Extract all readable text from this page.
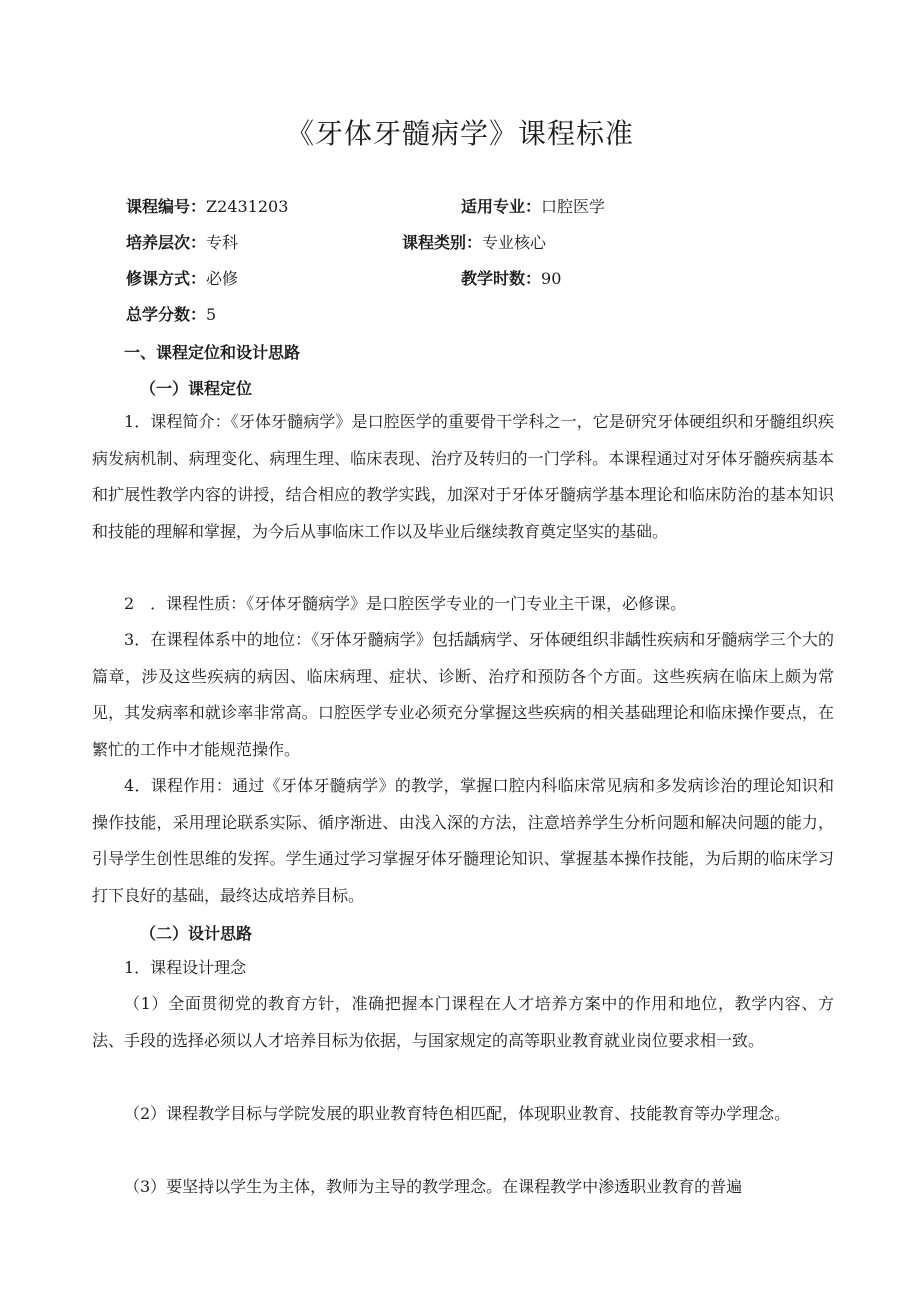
《牙体牙髓病学》课程标准
课程编号：Z2431203	适用专业：口腔医学
培养层次：专科	课程类别：专业核心
修课方式：必修	教学时数：90
总学分数：5
一、课程定位和设计思路
（一）课程定位
1．课程简介：《牙体牙髓病学》是口腔医学的重要骨干学科之一，它是研究牙体硬组织和牙髓组织疾病发病机制、病理变化、病理生理、临床表现、治疗及转归的一门学科。本课程通过对牙体牙髓疾病基本和扩展性教学内容的讲授，结合相应的教学实践，加深对于牙体牙髓病学基本理论和临床防治的基本知识和技能的理解和掌握，为今后从事临床工作以及毕业后继续教育奠定坚实的基础。
2　．课程性质：《牙体牙髓病学》是口腔医学专业的一门专业主干课，必修课。
3．在课程体系中的地位：《牙体牙髓病学》包括龋病学、牙体硬组织非龋性疾病和牙髓病学三个大的篇章，涉及这些疾病的病因、临床病理、症状、诊断、治疗和预防各个方面。这些疾病在临床上颇为常见，其发病率和就诊率非常高。口腔医学专业必须充分掌握这些疾病的相关基础理论和临床操作要点，在繁忙的工作中才能规范操作。
4．课程作用：通过《牙体牙髓病学》的教学，掌握口腔内科临床常见病和多发病诊治的理论知识和操作技能，采用理论联系实际、循序渐进、由浅入深的方法，注意培养学生分析问题和解决问题的能力，引导学生创性思维的发挥。学生通过学习掌握牙体牙髓理论知识、掌握基本操作技能，为后期的临床学习打下良好的基础，最终达成培养目标。
（二）设计思路
1．课程设计理念
（1）全面贯彻党的教育方针，准确把握本门课程在人才培养方案中的作用和地位，教学内容、方法、手段的选择必须以人才培养目标为依据，与国家规定的高等职业教育就业岗位要求相一致。
（2）课程教学目标与学院发展的职业教育特色相匹配，体现职业教育、技能教育等办学理念。
（3）要坚持以学生为主体，教师为主导的教学理念。在课程教学中渗透职业教育的普遍
